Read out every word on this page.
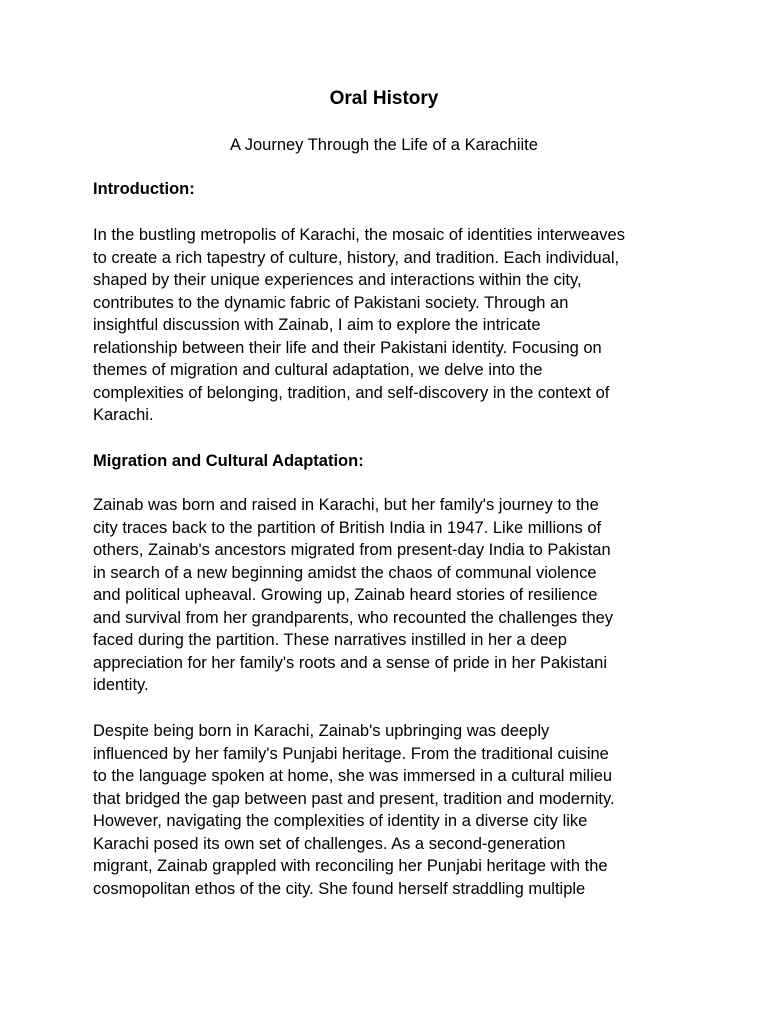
Oral History
A Journey Through the Life of a Karachiite
Introduction:
In the bustling metropolis of Karachi, the mosaic of identities interweaves
to create a rich tapestry of culture, history, and tradition. Each individual,
shaped by their unique experiences and interactions within the city,
contributes to the dynamic fabric of Pakistani society. Through an
insightful discussion with Zainab, I aim to explore the intricate
relationship between their life and their Pakistani identity. Focusing on
themes of migration and cultural adaptation, we delve into the
complexities of belonging, tradition, and self-discovery in the context of
Karachi.
Migration and Cultural Adaptation:
Zainab was born and raised in Karachi, but her family's journey to the
city traces back to the partition of British India in 1947. Like millions of
others, Zainab's ancestors migrated from present-day India to Pakistan
in search of a new beginning amidst the chaos of communal violence
and political upheaval. Growing up, Zainab heard stories of resilience
and survival from her grandparents, who recounted the challenges they
faced during the partition. These narratives instilled in her a deep
appreciation for her family's roots and a sense of pride in her Pakistani
identity.
Despite being born in Karachi, Zainab's upbringing was deeply
influenced by her family's Punjabi heritage. From the traditional cuisine
to the language spoken at home, she was immersed in a cultural milieu
that bridged the gap between past and present, tradition and modernity.
However, navigating the complexities of identity in a diverse city like
Karachi posed its own set of challenges. As a second-generation
migrant, Zainab grappled with reconciling her Punjabi heritage with the
cosmopolitan ethos of the city. She found herself straddling multiple
